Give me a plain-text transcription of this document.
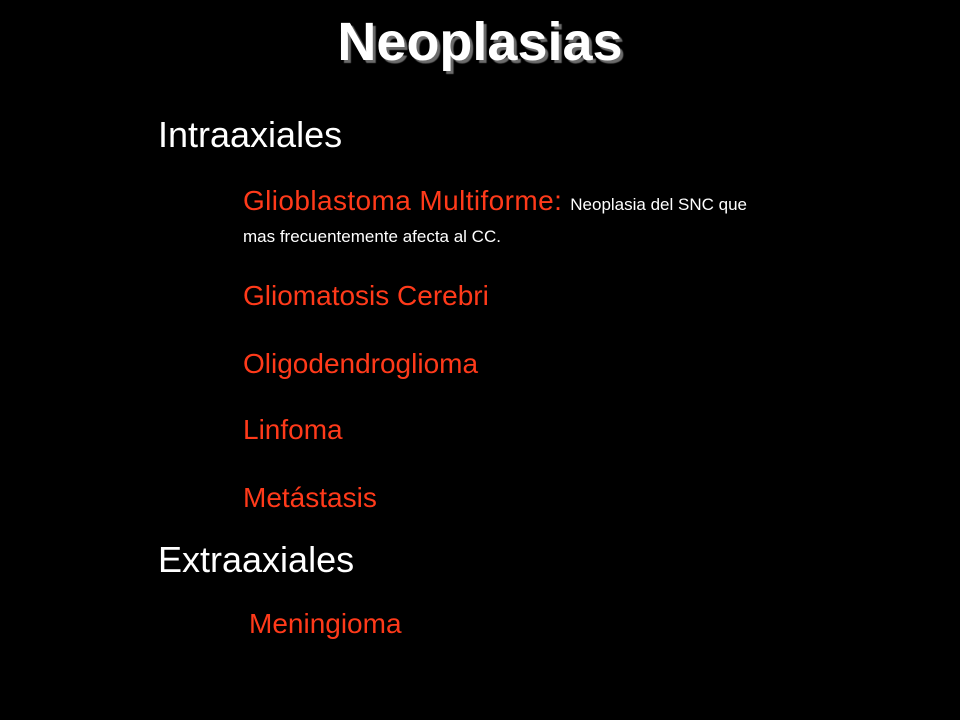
Neoplasias
Intraaxiales

Glioblastoma Multiforme: Neoplasia del SNC que

mas frecuentemente afecta al CC.

Gliomatosis Cerebri

Oligodendroglioma

Linfoma

Metástasis

Extraaxiales

Meningioma
